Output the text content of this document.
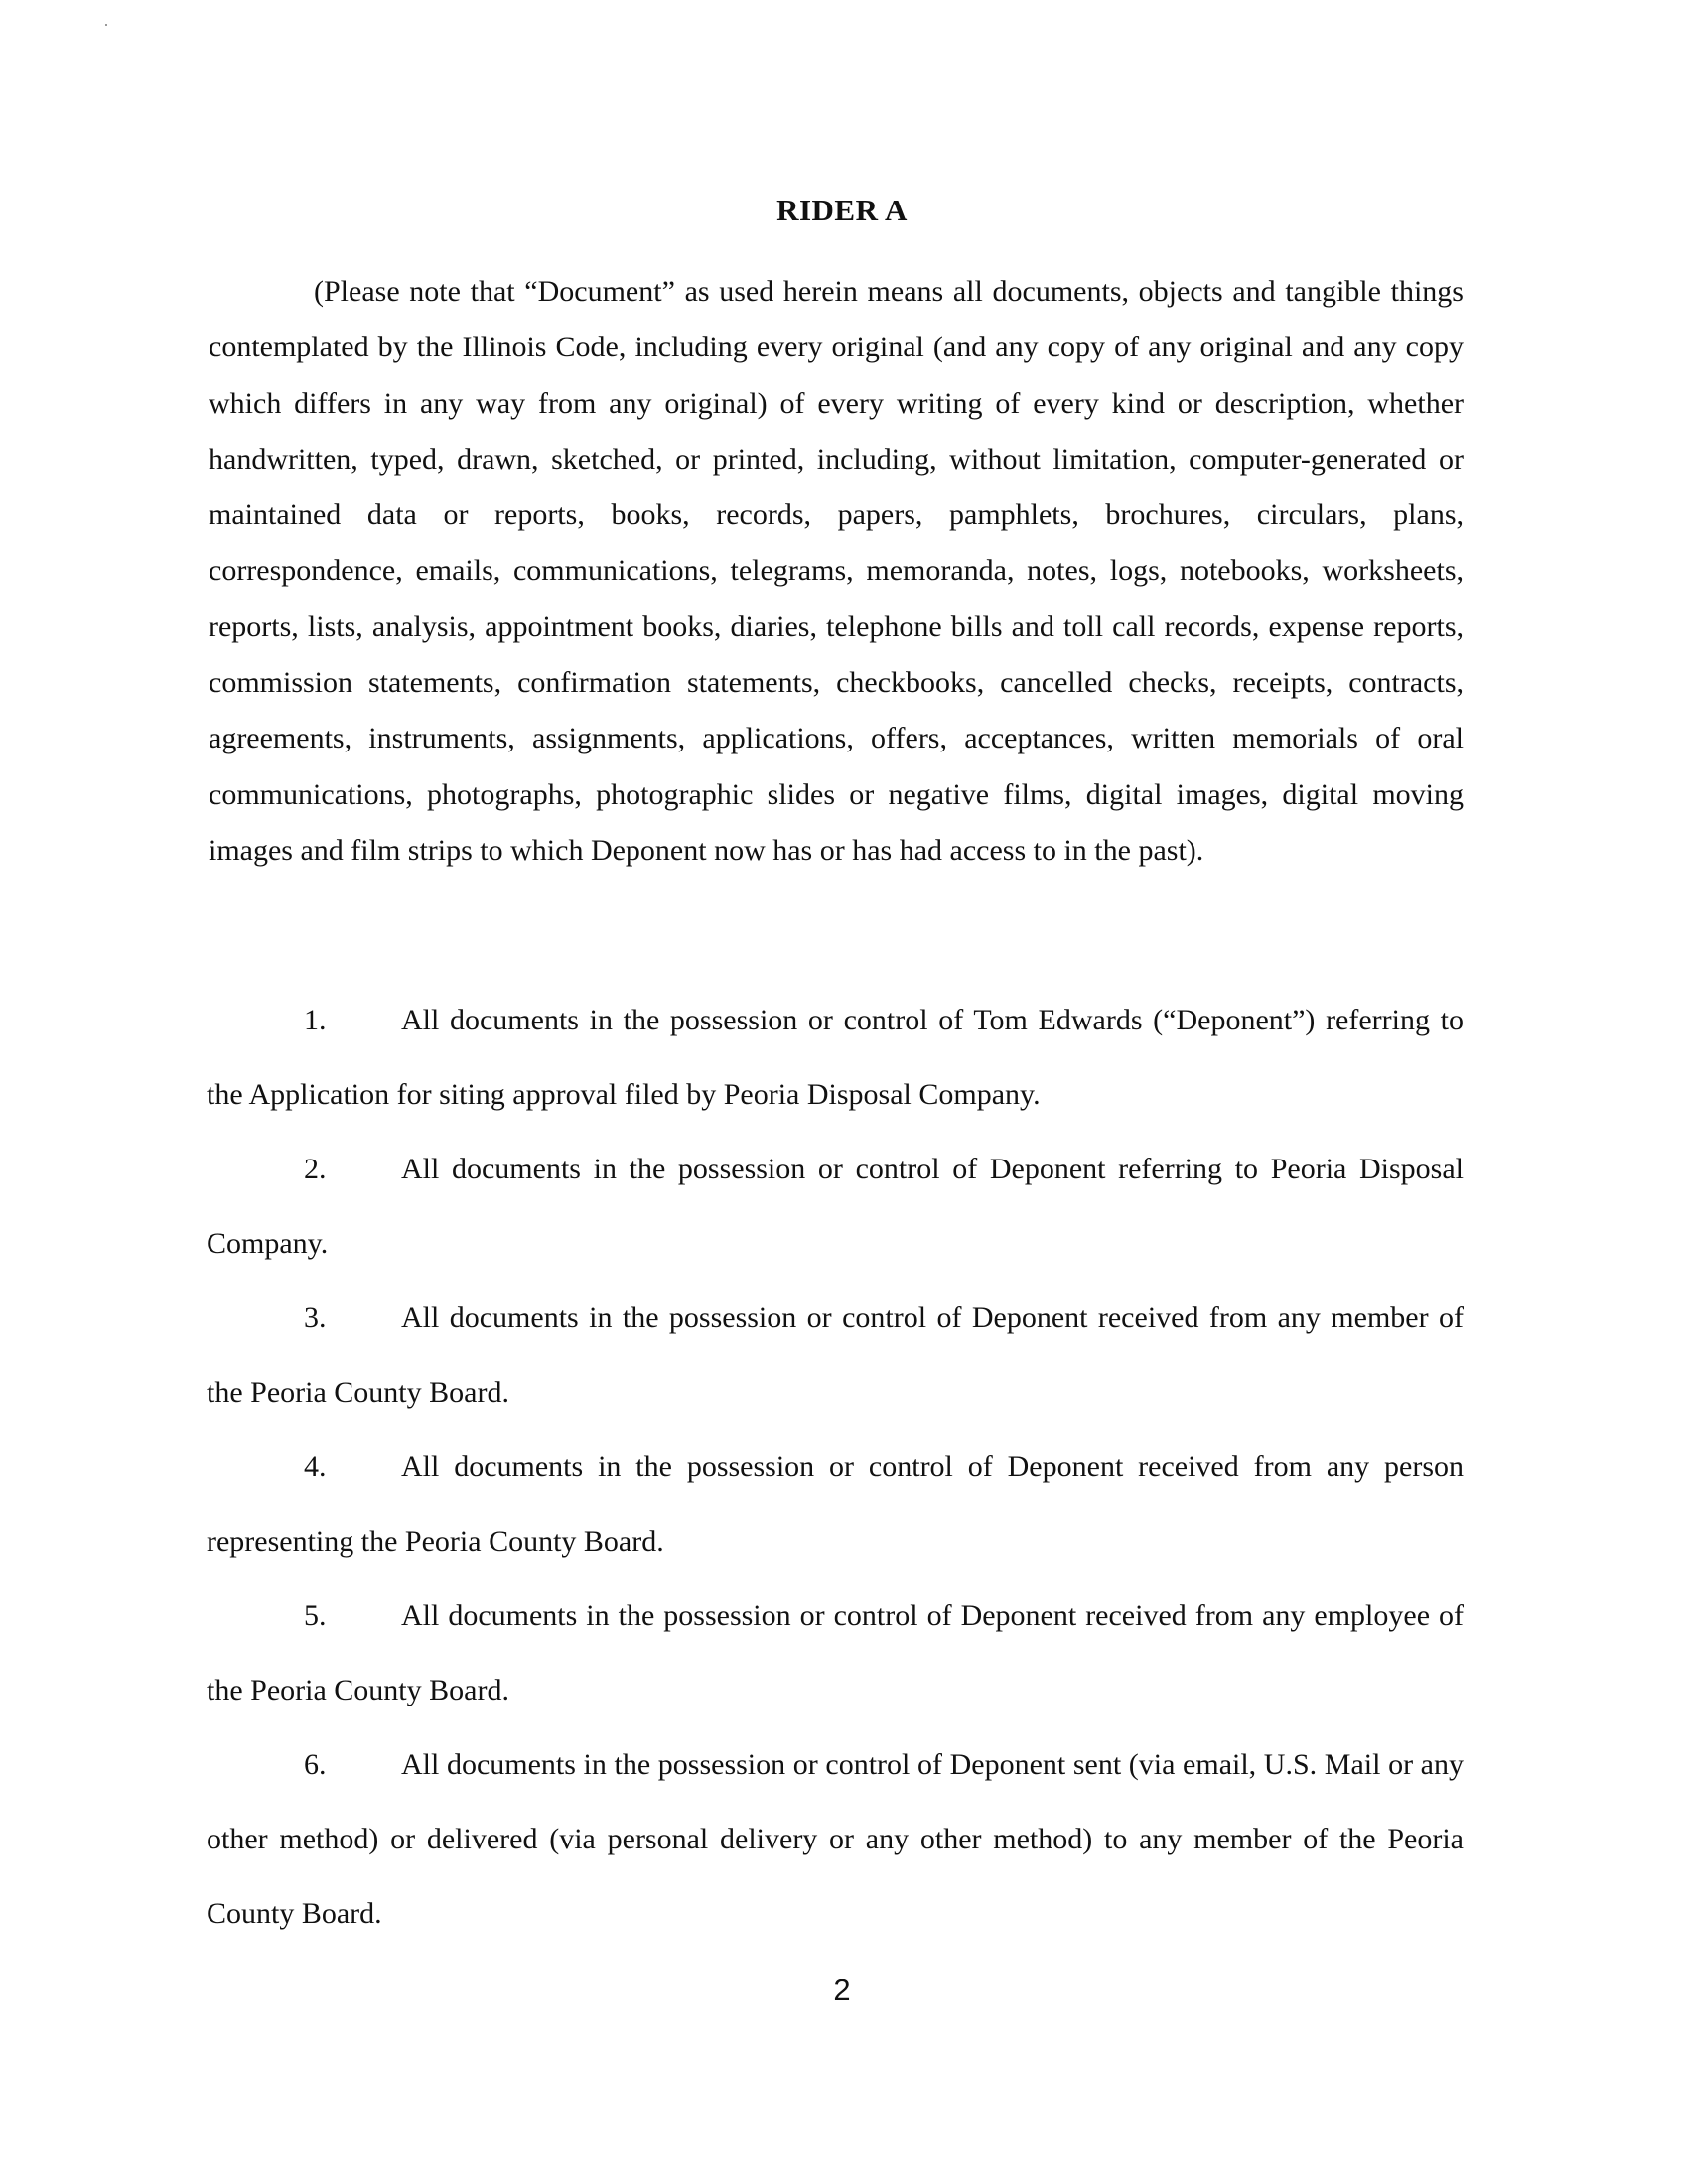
RIDER A

(Please note that “Document” as used herein means all documents, objects and tangible things contemplated by the Illinois Code, including every original (and any copy of any original and any copy which differs in any way from any original) of every writing of every kind or description, whether handwritten, typed, drawn, sketched, or printed, including, without limitation, computer-generated or maintained data or reports, books, records, papers, pamphlets, brochures, circulars, plans, correspondence, emails, communications, telegrams, memoranda, notes, logs, notebooks, worksheets, reports, lists, analysis, appointment books, diaries, telephone bills and toll call records, expense reports, commission statements, confirmation statements, checkbooks, cancelled checks, receipts, contracts, agreements, instruments, assignments, applications, offers, acceptances, written memorials of oral communications, photographs, photographic slides or negative films, digital images, digital moving images and film strips to which Deponent now has or has had access to in the past).

1.	All documents in the possession or control of Tom Edwards (“Deponent”) referring to the Application for siting approval filed by Peoria Disposal Company.
2.	All documents in the possession or control of Deponent referring to Peoria Disposal Company.
3.	All documents in the possession or control of Deponent received from any member of the Peoria County Board.
4.	All documents in the possession or control of Deponent received from any person representing the Peoria County Board.
5.	All documents in the possession or control of Deponent received from any employee of the Peoria County Board.
6.	All documents in the possession or control of Deponent sent (via email, U.S. Mail or any other method) or delivered (via personal delivery or any other method) to any member of the Peoria County Board.
2
